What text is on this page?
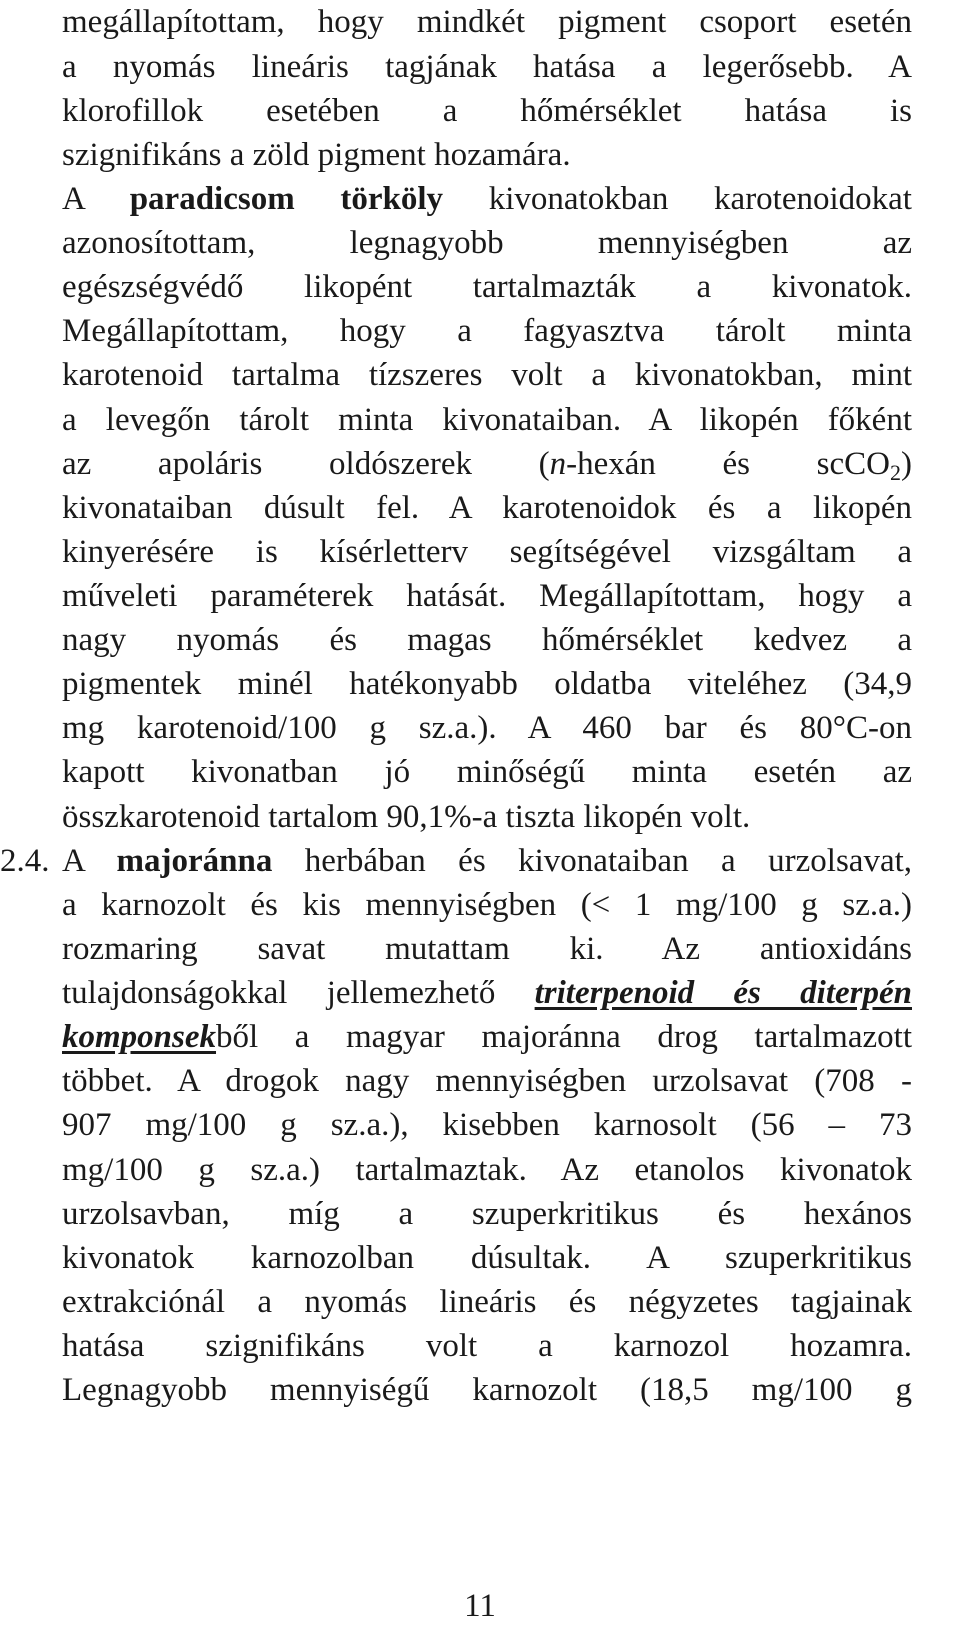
megállapítottam, hogy mindkét pigment csoport esetén
a nyomás lineáris tagjának hatása a legerősebb. A
klorofillok esetében a hőmérséklet hatása is
szignifikáns a zöld pigment hozamára.
A paradicsom törköly kivonatokban karotenoidokat
azonosítottam, legnagyobb mennyiségben az
egészségvédő likopént tartalmazták a kivonatok.
Megállapítottam, hogy a fagyasztva tárolt minta
karotenoid tartalma tízszeres volt a kivonatokban, mint
a levegőn tárolt minta kivonataiban. A likopén főként
az apoláris oldószerek (n-hexán és scCO$_2$)
kivonataiban dúsult fel. A karotenoidok és a likopén
kinyerésére is kísérletterv segítségével vizsgáltam a
műveleti paraméterek hatását. Megállapítottam, hogy a
nagy nyomás és magas hőmérséklet kedvez a
pigmentek minél hatékonyabb oldatba viteléhez (34,9
mg karotenoid/100 g sz.a.). A 460 bar és 80°C-on
kapott kivonatban jó minőségű minta esetén az
összkarotenoid tartalom 90,1%-a tiszta likopén volt.
2.4. A majoránna herbában és kivonataiban a urzolsavat,
a karnozolt és kis mennyiségben (< 1 mg/100 g sz.a.)
rozmaring savat mutattam ki. Az antioxidáns
tulajdonságokkal jellemezhető triterpenoid és diterpén
komponsekből a magyar majoránna drog tartalmazott
többet. A drogok nagy mennyiségben urzolsavat (708 -
907 mg/100 g sz.a.), kisebben karnosolt (56 – 73
mg/100 g sz.a.) tartalmaztak. Az etanolos kivonatok
urzolsavban, míg a szuperkritikus és hexános
kivonatok karnozolban dúsultak. A szuperkritikus
extrakciónál a nyomás lineáris és négyzetes tagjainak
hatása szignifikáns volt a karnozol hozamra.
Legnagyobb mennyiségű karnozolt (18,5 mg/100 g
11
